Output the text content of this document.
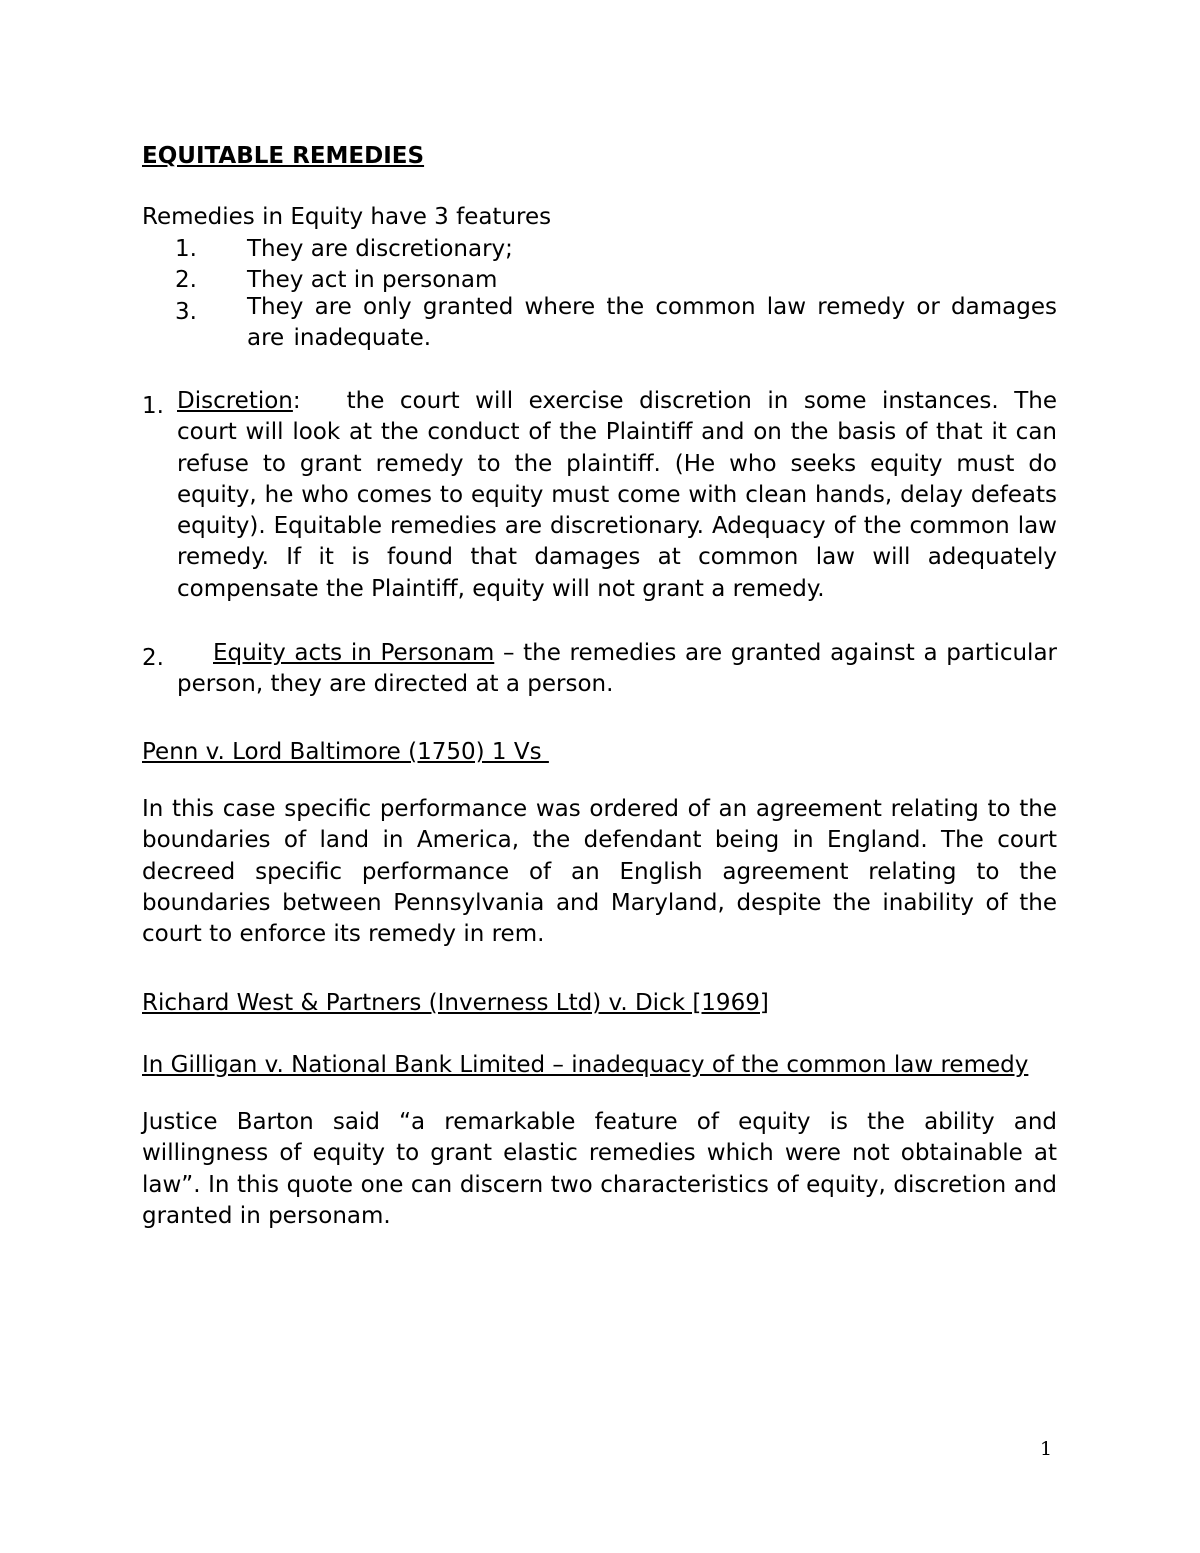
EQUITABLE REMEDIES
Remedies in Equity have 3 features
1. They are discretionary;
2. They act in personam
3. They are only granted where the common law remedy or damages are inadequate.
1. Discretion: the court will exercise discretion in some instances. The court will look at the conduct of the Plaintiff and on the basis of that it can refuse to grant remedy to the plaintiff. (He who seeks equity must do equity, he who comes to equity must come with clean hands, delay defeats equity). Equitable remedies are discretionary. Adequacy of the common law remedy. If it is found that damages at common law will adequately compensate the Plaintiff, equity will not grant a remedy.
2.	Equity acts in Personam – the remedies are granted against a particular person, they are directed at a person.
Penn v. Lord Baltimore (1750) 1 Vs
In this case specific performance was ordered of an agreement relating to the boundaries of land in America, the defendant being in England. The court decreed specific performance of an English agreement relating to the boundaries between Pennsylvania and Maryland, despite the inability of the court to enforce its remedy in rem.
Richard West & Partners (Inverness Ltd) v. Dick [1969]
In Gilligan v. National Bank Limited – inadequacy of the common law remedy
Justice Barton said “a remarkable feature of equity is the ability and willingness of equity to grant elastic remedies which were not obtainable at law”. In this quote one can discern two characteristics of equity, discretion and granted in personam.
1
